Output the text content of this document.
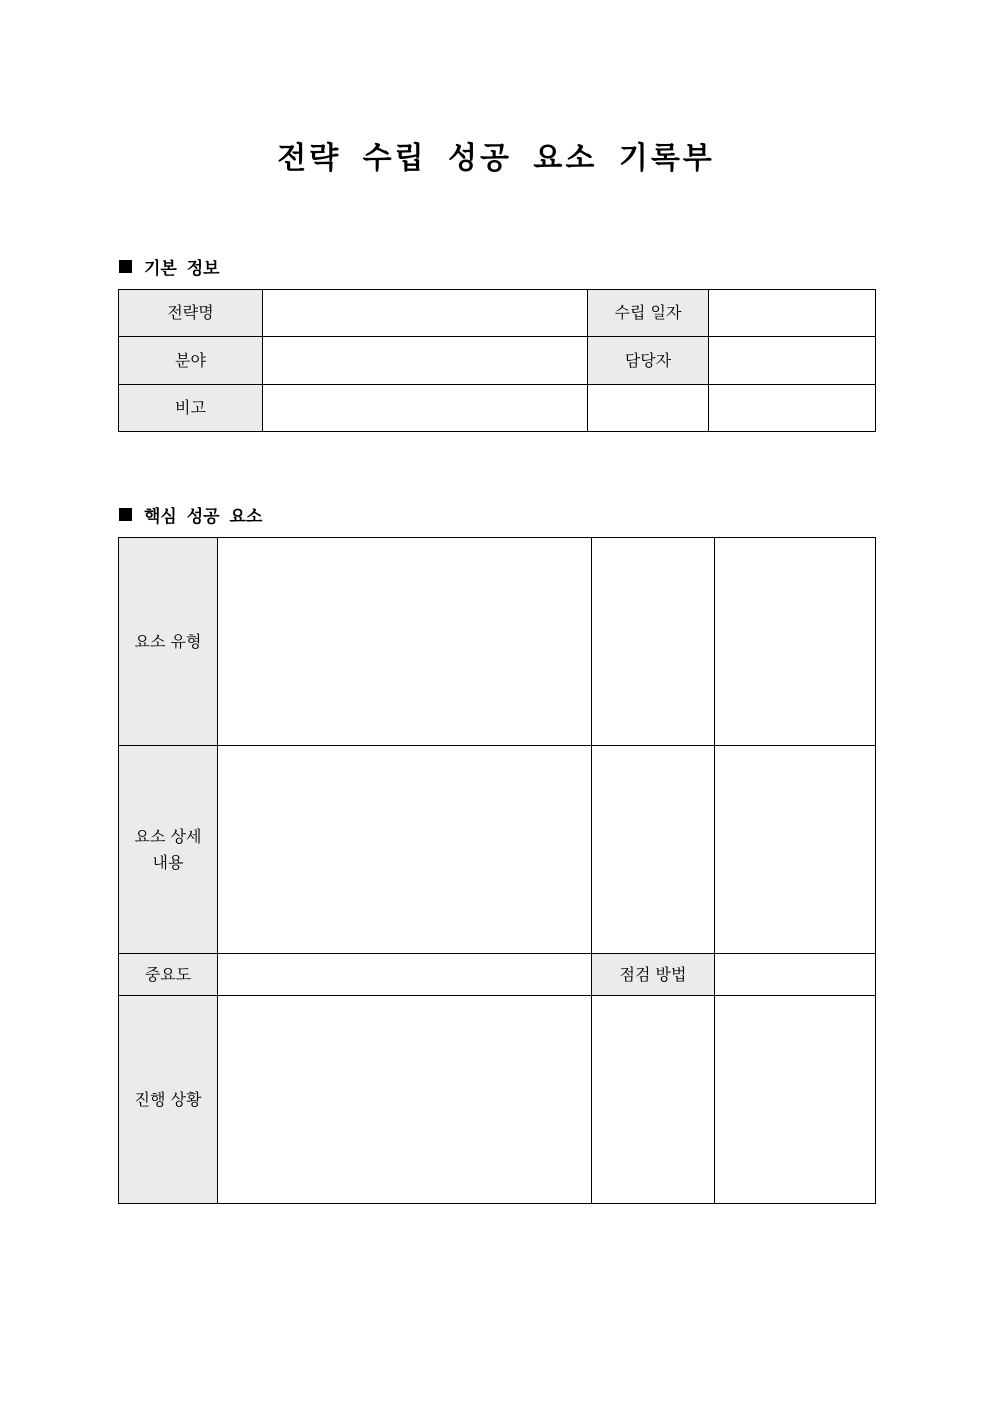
전략 수립 성공 요소 기록부
기본 정보
전략명		수립 일자	
분야		담당자	
비고			
핵심 성공 요소
요소 유형			
요소 상세
내용			
중요도		점검 방법	
진행 상황			
